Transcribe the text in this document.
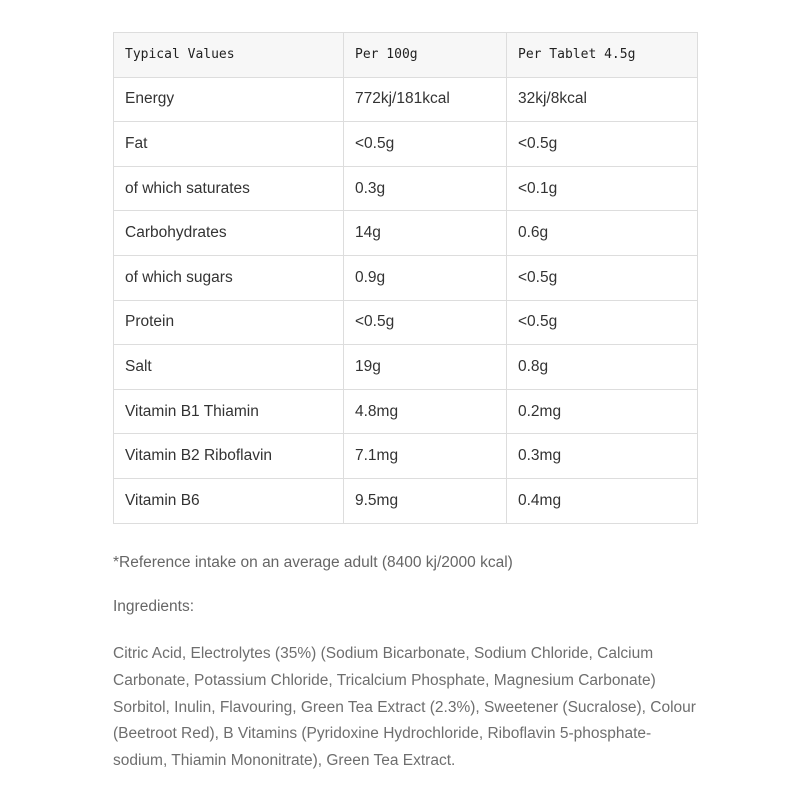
Typical Values	Per 100g	Per Tablet 4.5g
Energy	772kj/181kcal	32kj/8kcal
Fat	<0.5g	<0.5g
of which saturates	0.3g	<0.1g
Carbohydrates	14g	0.6g
of which sugars	0.9g	<0.5g
Protein	<0.5g	<0.5g
Salt	19g	0.8g
Vitamin B1 Thiamin	4.8mg	0.2mg
Vitamin B2 Riboflavin	7.1mg	0.3mg
Vitamin B6	9.5mg	0.4mg

*Reference intake on an average adult (8400 kj/2000 kcal)

Ingredients:

Citric Acid, Electrolytes (35%) (Sodium Bicarbonate, Sodium Chloride, Calcium Carbonate, Potassium Chloride, Tricalcium Phosphate, Magnesium Carbonate) Sorbitol, Inulin, Flavouring, Green Tea Extract (2.3%), Sweetener (Sucralose), Colour (Beetroot Red), B Vitamins (Pyridoxine Hydrochloride, Riboflavin 5-phosphate- sodium, Thiamin Mononitrate), Green Tea Extract.
